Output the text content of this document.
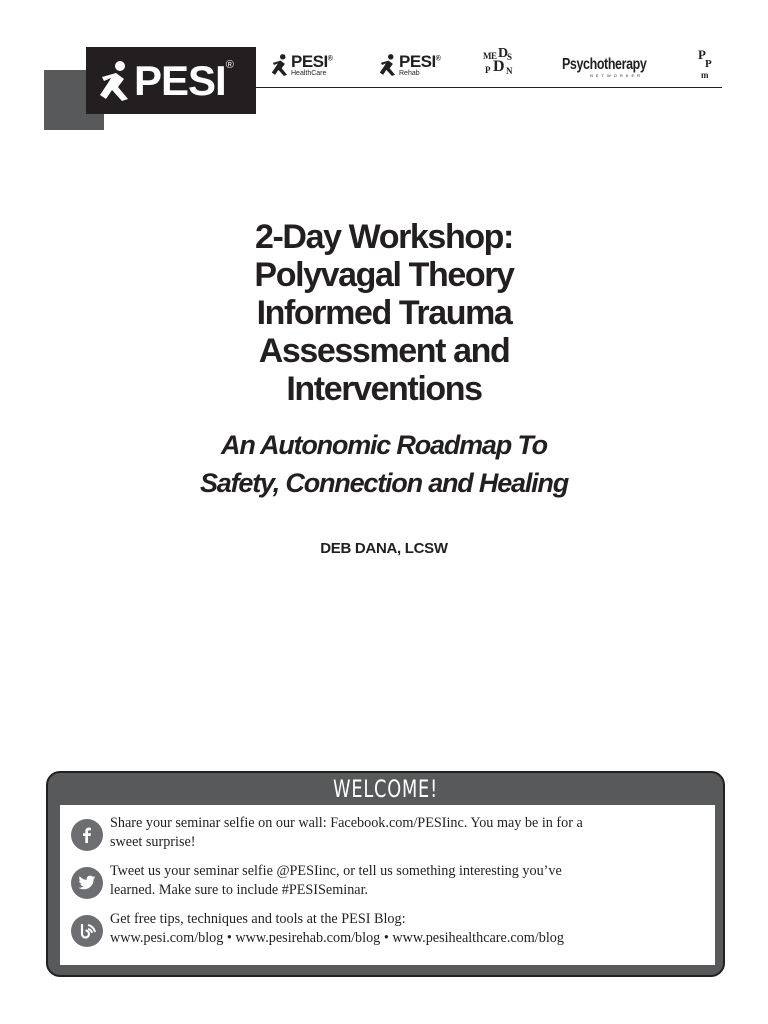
PESI ®	PESI®
HealthCare
PESI®
Rehab
ME D S
P D N	Psychotherapy
NETWORKER
P
P
m
2-Day Workshop:
Polyvagal Theory
Informed Trauma
Assessment and
Interventions
An Autonomic Roadmap To
Safety, Connection and Healing
DEB DANA, LCSW
WELCOME!
Share your seminar selfie on our wall: Facebook.com/PESIinc. You may be in for a
sweet surprise!
Tweet us your seminar selfie @PESIinc, or tell us something interesting you’ve
learned. Make sure to include #PESISeminar.
Get free tips, techniques and tools at the PESI Blog:
www.pesi.com/blog • www.pesirehab.com/blog • www.pesihealthcare.com/blog
